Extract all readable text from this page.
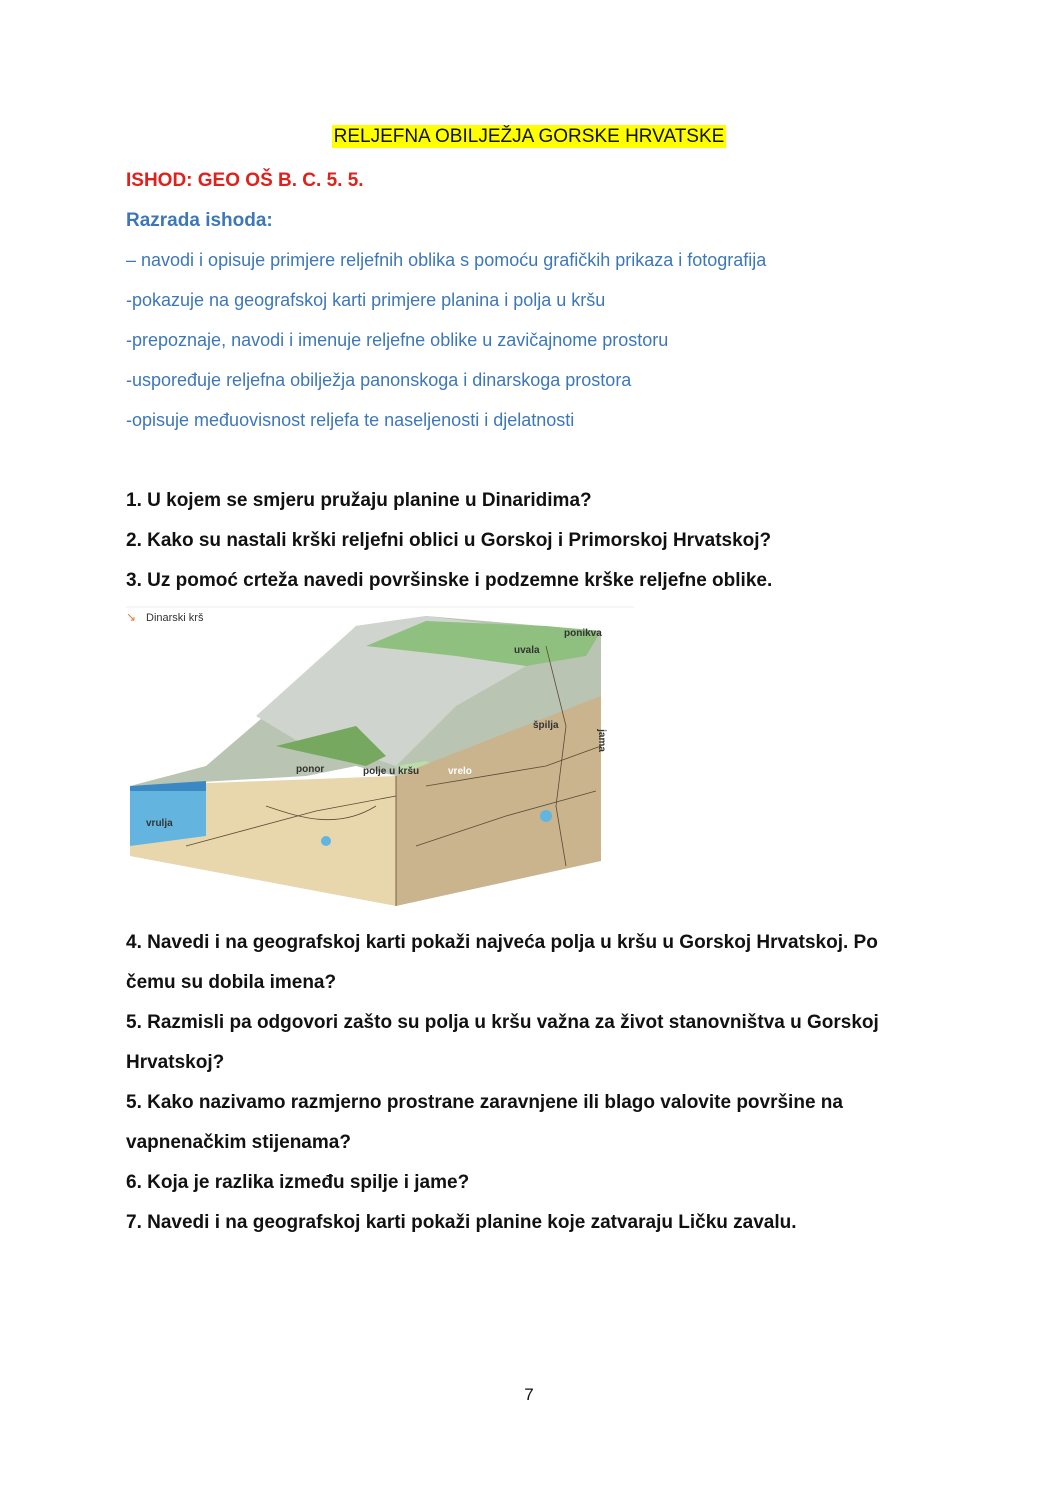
RELJEFNA OBILJEŽJA GORSKE HRVATSKE
ISHOD: GEO OŠ B. C. 5. 5.
Razrada ishoda:
– navodi i opisuje primjere reljefnih oblika s pomoću grafičkih prikaza i fotografija
-pokazuje na geografskoj karti primjere planina i polja u kršu
-prepoznaje, navodi i imenuje reljefne oblike u zavičajnome prostoru
-uspoređuje reljefna obilježja panonskoga i dinarskoga prostora
-opisuje međuovisnost reljefa te naseljenosti i djelatnosti
1. U kojem se smjeru pružaju planine u Dinaridima?
2. Kako su nastali krški reljefni oblici u Gorskoj i Primorskoj Hrvatskoj?
3. Uz pomoć crteža navedi površinske i podzemne krške reljefne oblike.
↘ Dinarski krš
ponikva
uvala
špilja
jama
ponor	polje u kršu	vrelo
vrulja
4. Navedi i na geografskoj karti pokaži najveća polja u kršu u Gorskoj Hrvatskoj. Po
čemu su dobila imena?
5. Razmisli pa odgovori zašto su polja u kršu važna za život stanovništva u Gorskoj
Hrvatskoj?
5. Kako nazivamo razmjerno prostrane zaravnjene ili blago valovite površine na
vapnenačkim stijenama?
6. Koja je razlika između spilje i jame?
7. Navedi i na geografskoj karti pokaži planine koje zatvaraju Ličku zavalu.
7
